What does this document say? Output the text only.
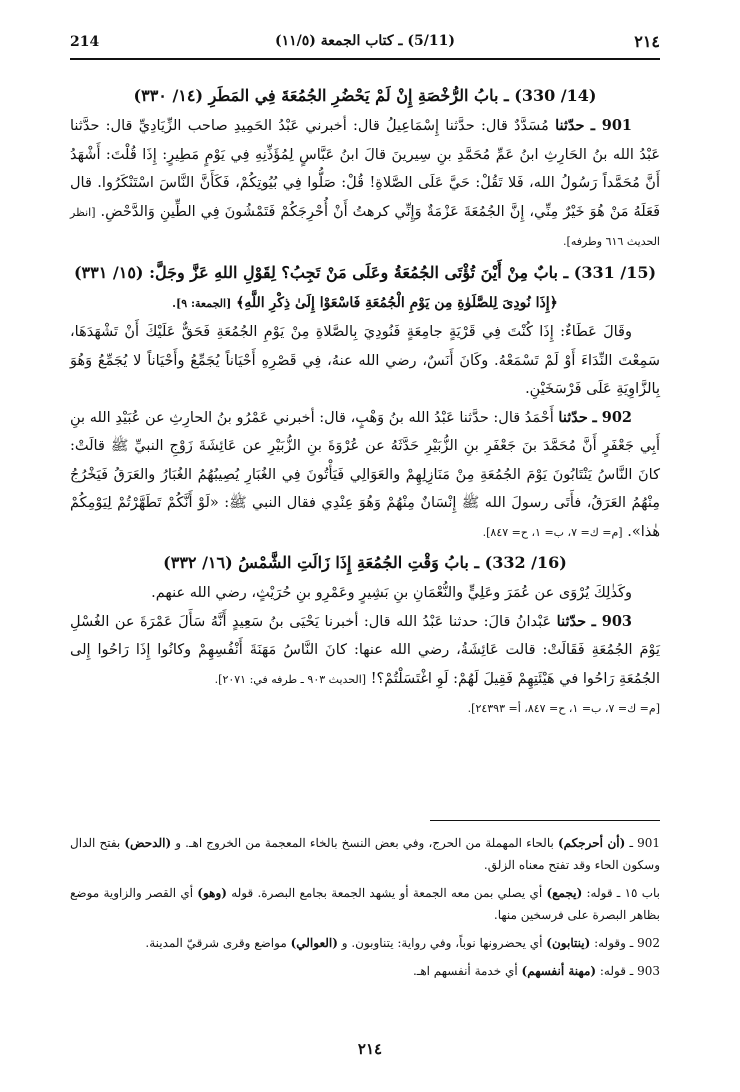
214	(5/11) ـ كتاب الجمعة (١١/٥)	٢١٤

(14/ 330) ـ بابُ الرُّخْصَةِ إِنْ لَمْ يَحْضُرِ الجُمُعَةَ فِي المَطَرِ (١٤/ ٣٣٠)

901 ـ حدّثنا مُسَدَّدٌ قال: حدَّثنا إِسْمَاعِيلُ قال: أخبرني عَبْدُ الحَمِيدِ صاحب الزِّيَادِيِّ قال: حدَّثنا عَبْدُ الله بنُ الحَارِثِ ابنُ عَمِّ مُحَمَّدِ بنِ سِيرينَ قالَ ابنُ عَبَّاسٍ لِمُؤَذِّنِهِ فِي يَوْمٍ مَطِيرٍ: إِذَا قُلْتَ: أَشْهَدُ أَنَّ مُحَمَّداً رَسُولُ الله، فَلا تَقُلْ: حَيَّ عَلَى الصَّلاةِ! قُلْ: صَلُّوا فِي بُيُوتِكُمْ، فَكَأَنَّ النَّاسَ اسْتَنْكَرُوا. قال فَعَلَهُ مَنْ هُوَ خَيْرٌ مِنِّي، إِنَّ الجُمُعَةَ عَزْمَةٌ وَإِنِّي كرهتُ أَنْ أُحْرِجَكُمْ فَتَمْشُونَ فِي الطِّينِ وَالدَّحْضِ. [انظر الحديث ٦١٦ وطرفه].

(15/ 331) ـ بابٌ مِنْ أَيْنَ تُؤْتَى الجُمُعَةُ وعَلَى مَنْ تَجِبُ؟ لِقَوْلِ اللهِ عَزَّ وجَلَّ: (١٥/ ٣٣١)

﴿إِذَا نُودِىَ لِلصَّلَوٰةِ مِن يَوْمِ الْجُمُعَةِ فَاسْعَوْا إِلَىٰ ذِكْرِ اللَّهِ﴾ [الجمعة: ٩].

وقَالَ عَطَاءٌ: إِذَا كُنْتَ فِي قَرْيَةٍ جامِعَةٍ فَنُودِيَ بِالصَّلاةِ مِنْ يَوْمِ الجُمُعَةِ فَحَقٌّ عَلَيْكَ أَنْ تَشْهَدَهَا، سَمِعْتَ النِّدَاءَ أَوْ لَمْ تَسْمَعْهُ. وكَانَ أَنَسٌ، رضي الله عنهُ، فِي قَصْرِهِ أَحْيَاناً يُجَمِّعُ وأَحْيَاناً لا يُجَمِّعُ وَهُوَ بِالزَّاوِيَةِ عَلَى فَرْسَخَيْنِ.

902 ـ حدّثنا أَحْمَدُ قال: حدَّثنا عَبْدُ الله بنُ وَهْبٍ، قال: أخبرني عَمْرُو بنُ الحارِثِ عن عُبَيْدِ الله بنِ أَبِي جَعْفَرٍ أَنَّ مُحَمَّدَ بنَ جَعْفَرِ بنِ الزُّبَيْرِ حَدَّثَهُ عن عُرْوَةَ بنِ الزُّبَيْرِ عن عَائِشَةَ زَوْجِ النبيِّ ﷺ قالَتْ: كانَ النَّاسُ يَنْتَابُونَ يَوْمَ الجُمُعَةِ مِنْ مَنَازِلِهِمْ والعَوَالِي فَيَأْتُونَ فِي الغُبَارِ يُصِيبُهُمُ الغُبَارُ والعَرَقُ فَيَخْرُجُ مِنْهُمُ العَرَقُ، فأَتَى رسولَ الله ﷺ إِنْسَانٌ مِنْهُمْ وَهُوَ عِنْدِي فقال النبي ﷺ: «لَوْ أَنَّكُمْ تَطَهَّرْتُمْ لِيَوْمِكُمْ هٰذا». [م= ك= ٧، ب= ١، ح= ٨٤٧].

(16/ 332) ـ بابُ وَقْتِ الجُمُعَةِ إِذَا زَالَتِ الشَّمْسُ (١٦/ ٣٣٢)

وكَذٰلِكَ يُرْوَى عن عُمَرَ وعَلِيٍّ والنُّعْمَانِ بنِ بَشِيرٍ وعَمْرِو بنِ حُرَيْثٍ، رضي الله عنهم.

903 ـ حدّثنا عَبْدانُ قالَ: حدثنا عَبْدُ الله قال: أخبرنا يَحْيَى بنُ سَعِيدٍ أَنَّهُ سَأَلَ عَمْرَةَ عن الغُسْلِ يَوْمَ الجُمُعَةِ فَقَالَتْ: قالت عَائِشَةُ، رضي الله عنها: كانَ النَّاسُ مَهَنَةَ أَنْفُسِهِمْ وكانُوا إِذَا رَاحُوا إِلى الجُمُعَةِ رَاحُوا في هَيْئَتِهِمْ فَقِيلَ لَهُمْ: لَوِ اغْتَسَلْتُمْ؟! [الحديث ٩٠٣ ـ طرفه في: ٢٠٧١].

[م= ك= ٧، ب= ١، ح= ٨٤٧، أ= ٢٤٣٩٣].

901 ـ (أن أحرجكم) بالحاء المهملة من الحرج، وفي بعض النسخ بالخاء المعجمة من الخروج اهـ. و (الدحض) بفتح الدال وسكون الحاء وقد تفتح معناه الزلق.

باب ١٥ ـ قوله: (يجمع) أي يصلي بمن معه الجمعة أو يشهد الجمعة بجامع البصرة. قوله (وهو) أي القصر والزاوية موضع بظاهر البصرة على فرسخين منها.

902 ـ وقوله: (ينتابون) أي يحضرونها نوباً، وفي رواية: يتناوبون. و (العوالي) مواضع وقرى شرقيّ المدينة.

903 ـ قوله: (مهنة أنفسهم) أي خدمة أنفسهم اهـ.

٢١٤
